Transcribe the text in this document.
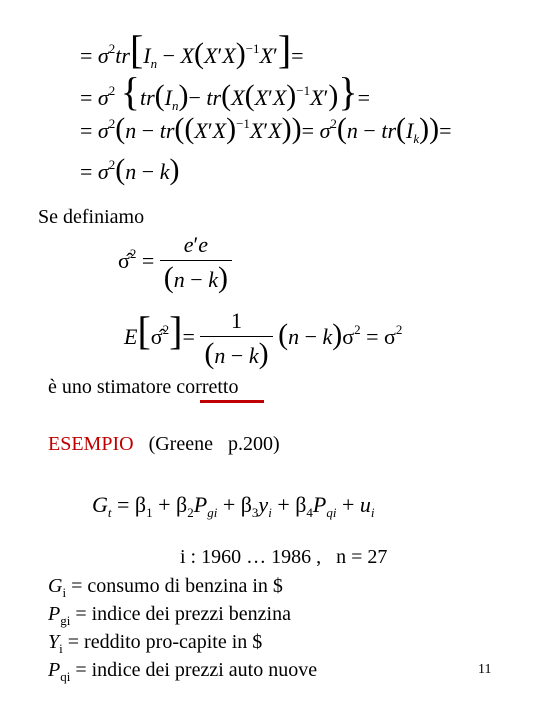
= $\sigma^2tr[I_n - X(X'X)^{-1}X']=$
= $\sigma^2$ $\{tr(I_n)- tr(X(X'X)^{-1}X')\}=$
= $\sigma^2(n - tr((X'X)^{-1}X'X))= \sigma^2(n - tr(I_k))=$
= $\sigma^2(n - k)$
Se definiamo
σ̂$^2$ = $\frac{e'e}{(n - k)}$
E[σ̂$^2$]= $\frac{1}{(n - k)} (n - k)\sigma^2 = \sigma^2$
è uno stimatore corretto
ESEMPIO (Greene   p.200)
$G_t = \beta_1 + \beta_2P_{gi} + \beta_3y_i + \beta_4P_{qi} + u_i$
i : 1960 … 1986 ,   n = 27
$G_i$ = consumo di benzina in $
$P_{gi}$ = indice dei prezzi benzina
$Y_i$ = reddito pro-capite in $
$P_{qi}$ = indice dei prezzi auto nuove	11
